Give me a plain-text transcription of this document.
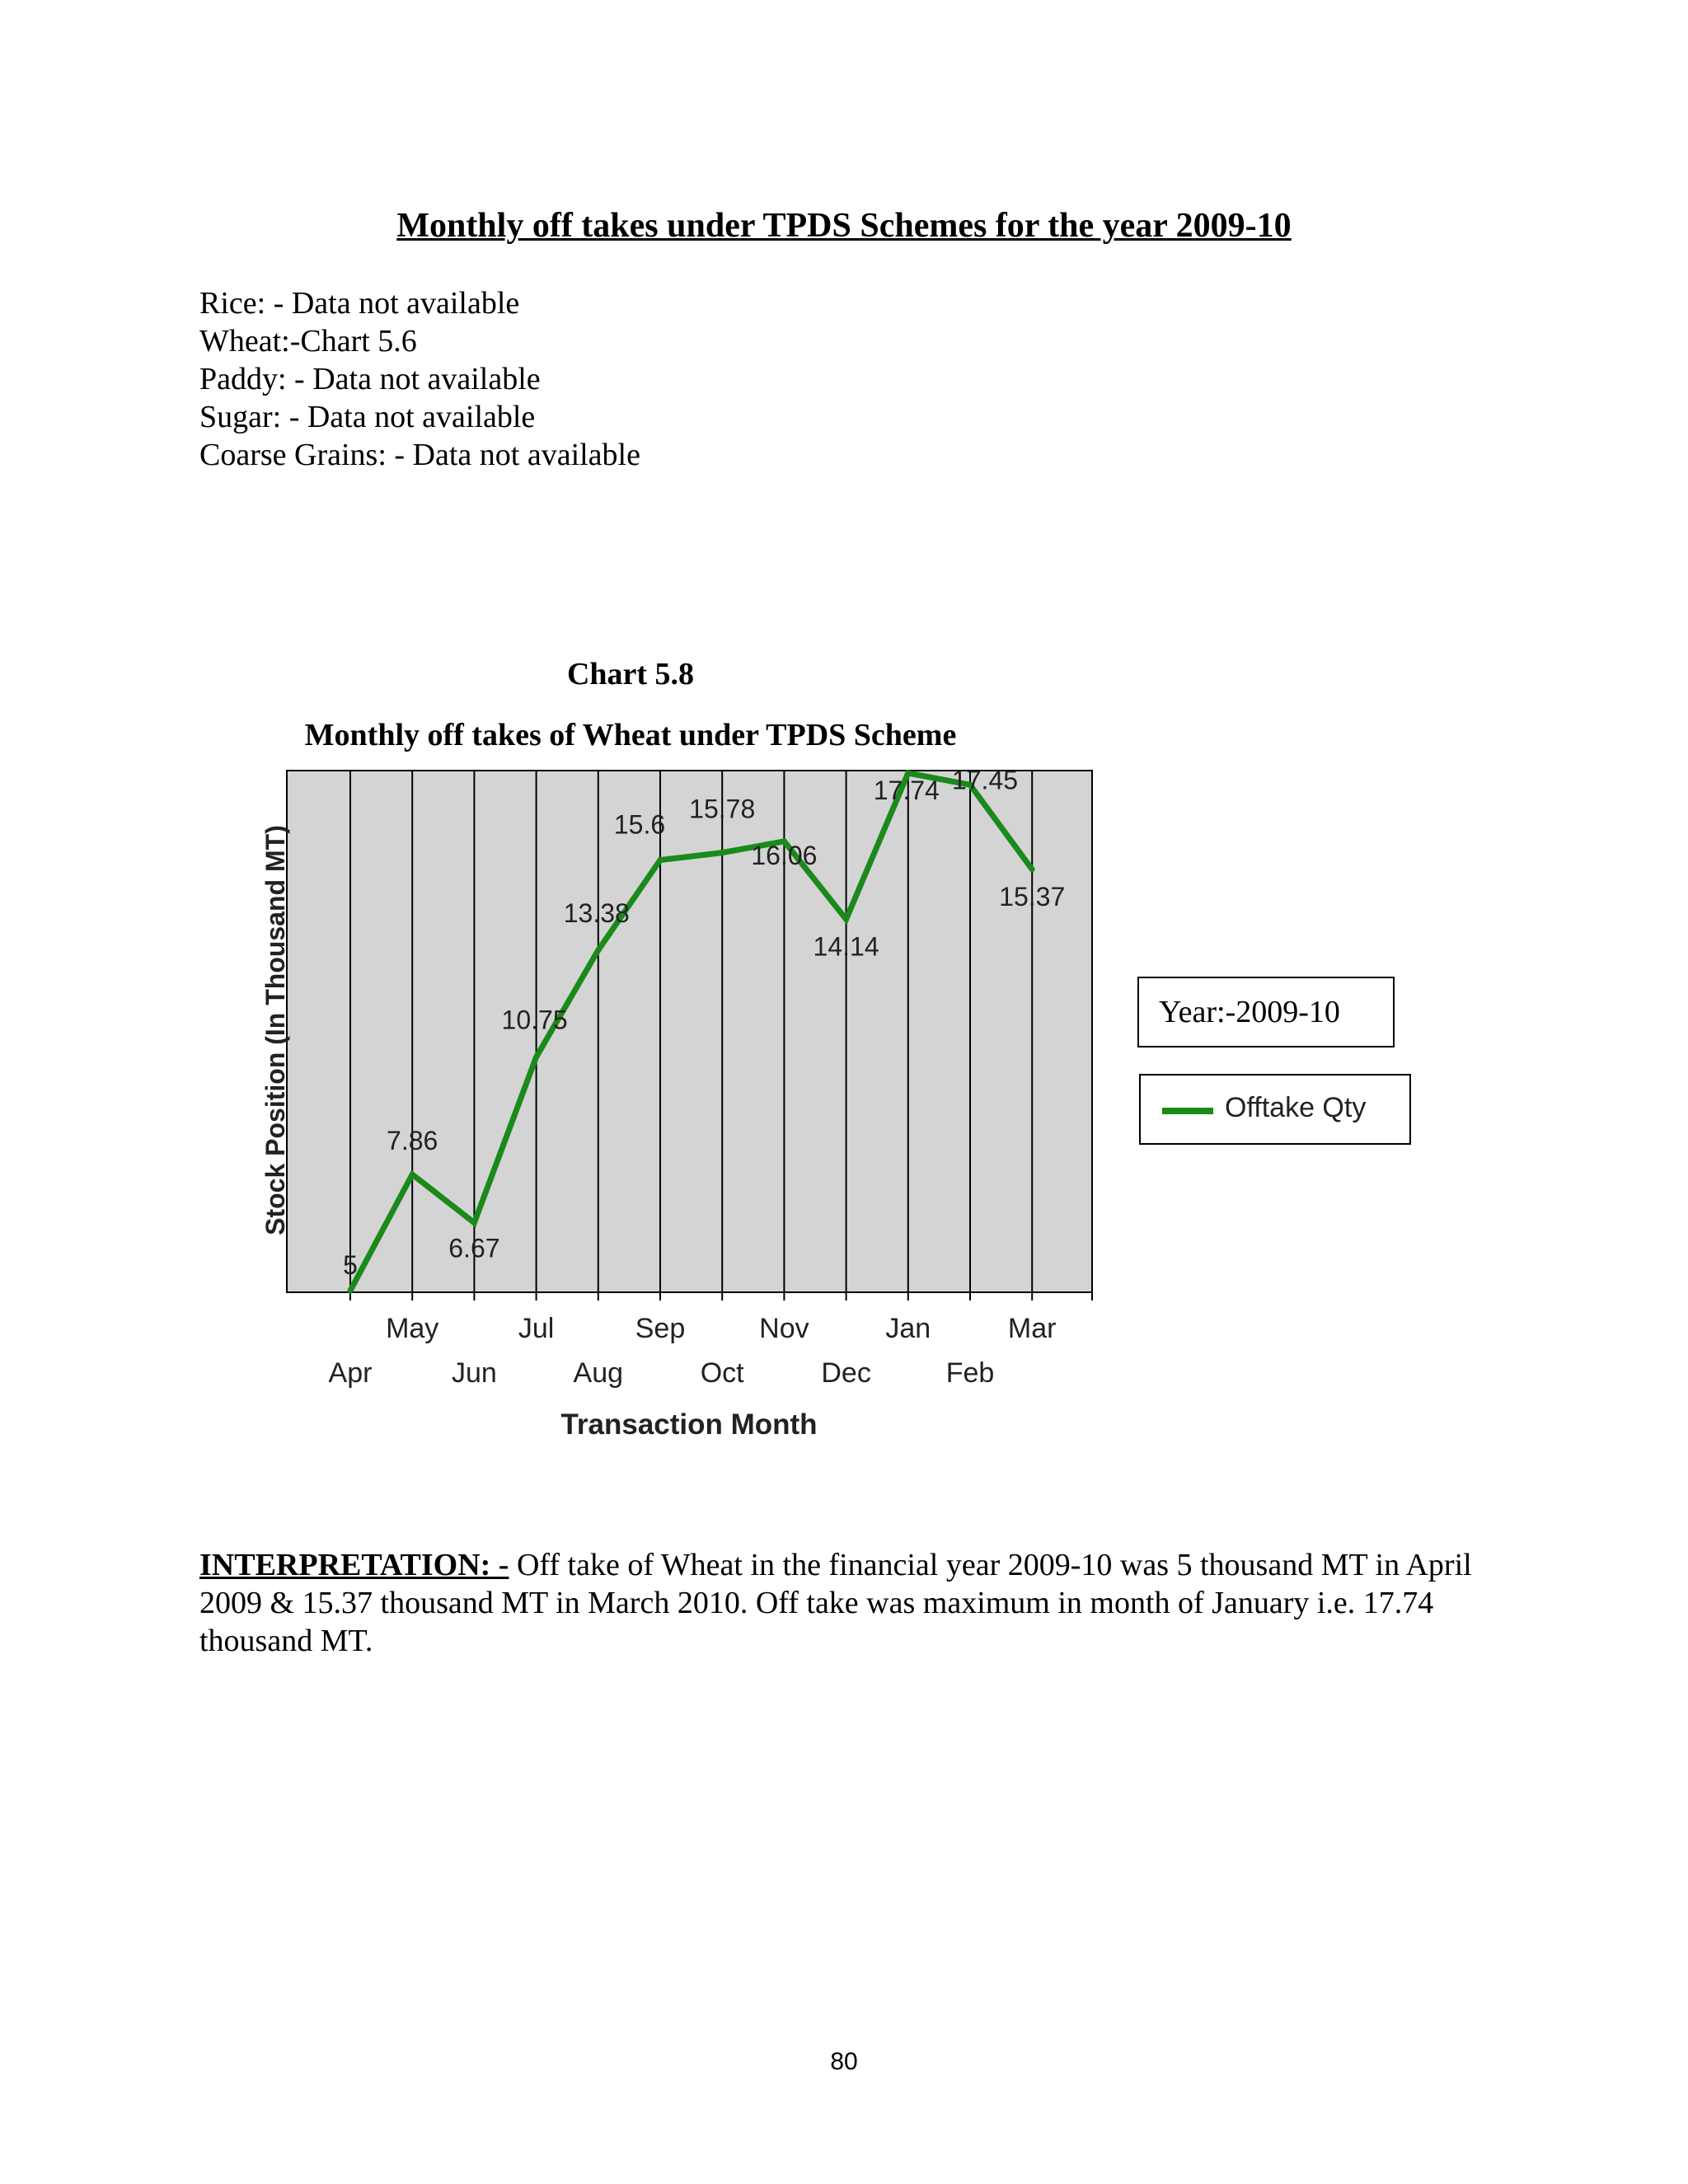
Monthly off takes under TPDS Schemes for the year 2009-10
Rice: - Data not available
Wheat:-Chart 5.6
Paddy: - Data not available
Sugar: - Data not available
Coarse Grains: - Data not available
Chart 5.8
Monthly off takes of Wheat under TPDS Scheme
5
7.86
6.67
10.75
13.38
15.6
15.78
16.06
14.14
17.74 17.45
15.37
Apr
May
Jun
Jul
Aug
Sep
Oct
Nov
Dec
Jan
Feb
Mar
Transaction Month
Stock Position (In Thousand MT)	Year:-2009-10
Offtake Qty
INTERPRETATION: - Off take of Wheat in the financial year 2009-10 was 5 thousand MT in April 2009 & 15.37 thousand MT in March 2010. Off take was maximum in month of January i.e. 17.74 thousand MT.
80
